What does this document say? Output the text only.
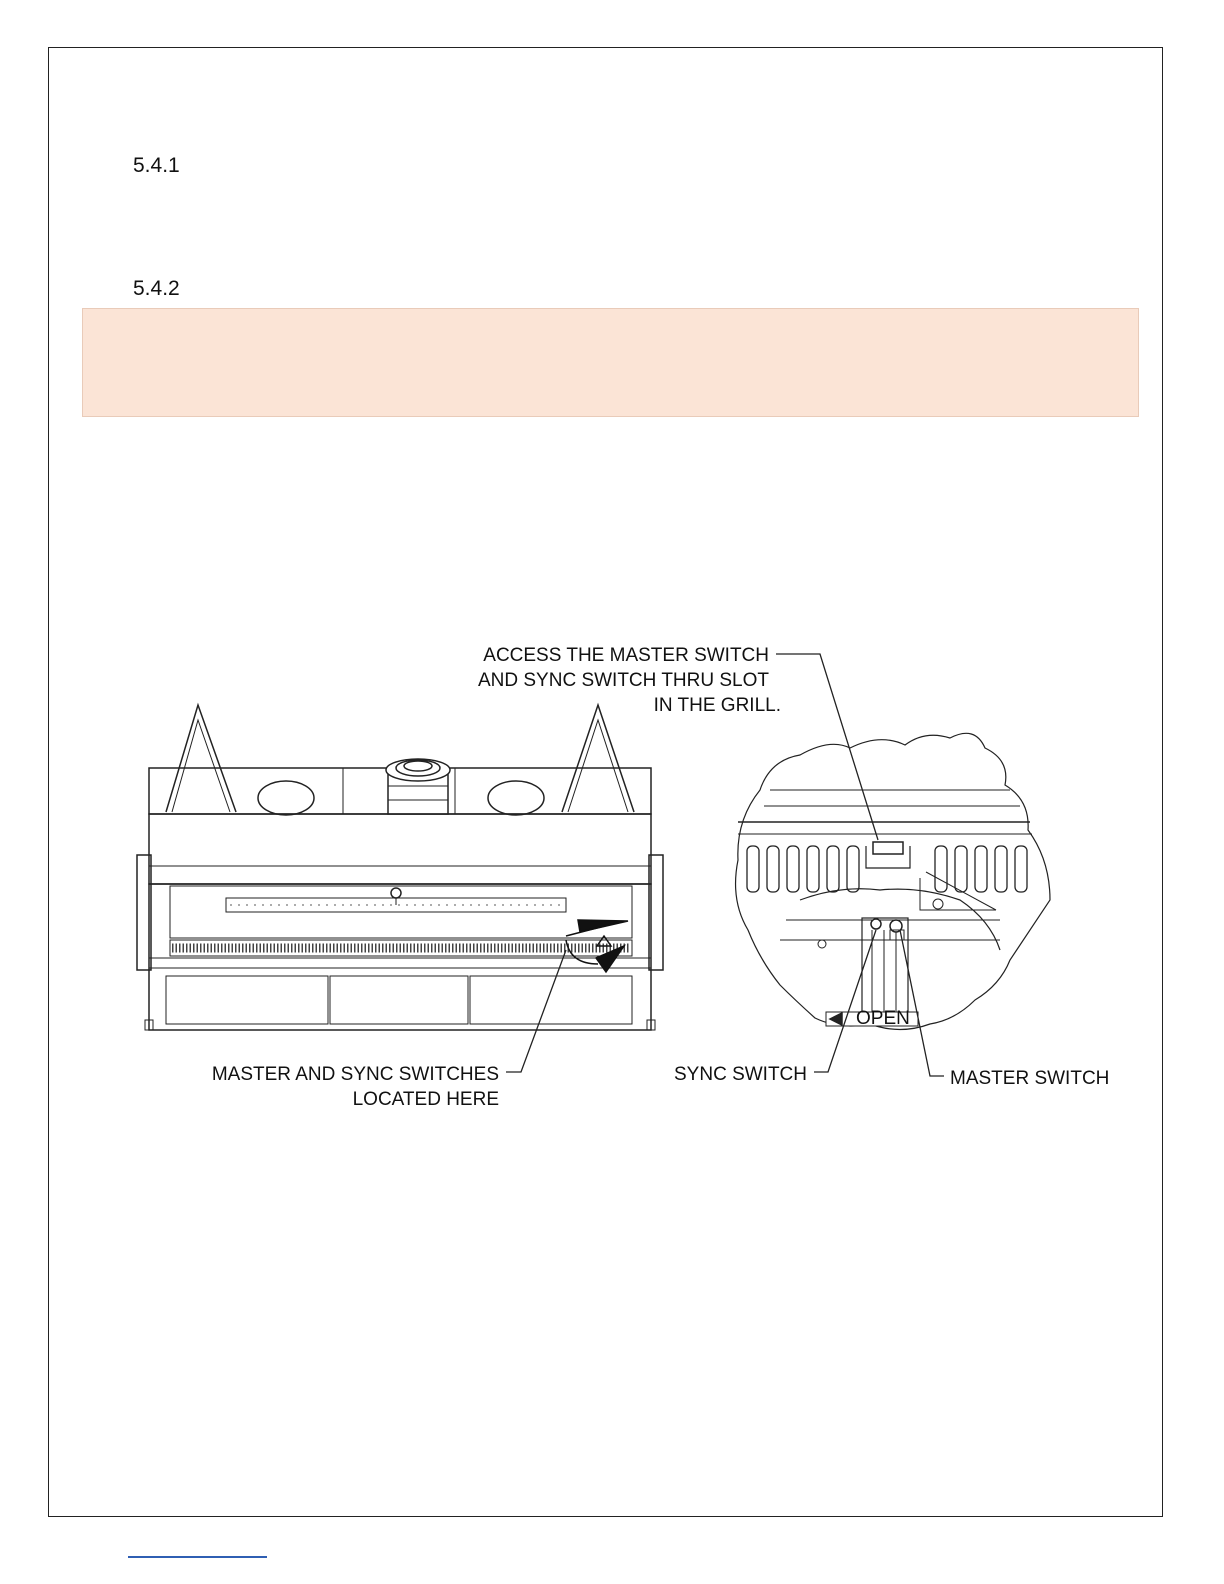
5.4.1
5.4.2
OPEN
ACCESS THE MASTER SWITCH
AND SYNC SWITCH THRU SLOT
IN THE GRILL.
MASTER AND SYNC SWITCHES
LOCATED HERE
SYNC SWITCH	MASTER SWITCH
